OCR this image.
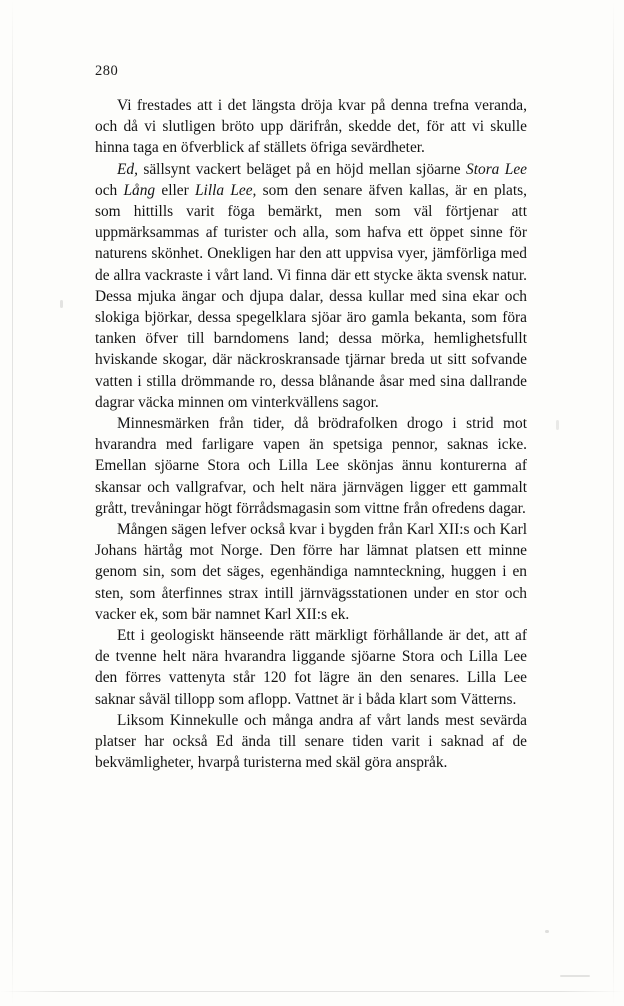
280

Vi frestades att i det längsta dröja kvar på denna trefna veranda, och då vi slutligen bröto upp därifrån, skedde det, för att vi skulle hinna taga en öfverblick af ställets öfriga sevärdheter.

Ed, sällsynt vackert beläget på en höjd mellan sjöarne Stora Lee och Lång eller Lilla Lee, som den senare äfven kallas, är en plats, som hittills varit föga bemärkt, men som väl förtjenar att uppmärksammas af turister och alla, som hafva ett öppet sinne för naturens skönhet. Onekligen har den att uppvisa vyer, jämförliga med de allra vackraste i vårt land. Vi finna där ett stycke äkta svensk natur. Dessa mjuka ängar och djupa dalar, dessa kullar med sina ekar och slokiga björkar, dessa spegelklara sjöar äro gamla bekanta, som föra tanken öfver till barndomens land; dessa mörka, hemlighetsfullt hviskande skogar, där näckroskransade tjärnar breda ut sitt sofvande vatten i stilla drömmande ro, dessa blånande åsar med sina dallrande dagrar väcka minnen om vinterkvällens sagor.

Minnesmärken från tider, då brödrafolken drogo i strid mot hvarandra med farligare vapen än spetsiga pennor, saknas icke. Emellan sjöarne Stora och Lilla Lee skönjas ännu konturerna af skansar och vallgrafvar, och helt nära järnvägen ligger ett gammalt grått, trevåningar högt förrådsmagasin som vittne från ofredens dagar.

Mången sägen lefver också kvar i bygden från Karl XII:s och Karl Johans härtåg mot Norge. Den förre har lämnat platsen ett minne genom sin, som det säges, egenhändiga namnteckning, huggen i en sten, som återfinnes strax intill järnvägsstationen under en stor och vacker ek, som bär namnet Karl XII:s ek.

Ett i geologiskt hänseende rätt märkligt förhållande är det, att af de tvenne helt nära hvarandra liggande sjöarne Stora och Lilla Lee den förres vattenyta står 120 fot lägre än den senares. Lilla Lee saknar såväl tillopp som aflopp. Vattnet är i båda klart som Vätterns.

Liksom Kinnekulle och många andra af vårt lands mest sevärda platser har också Ed ända till senare tiden varit i saknad af de bekvämligheter, hvarpå turisterna med skäl göra anspråk.
